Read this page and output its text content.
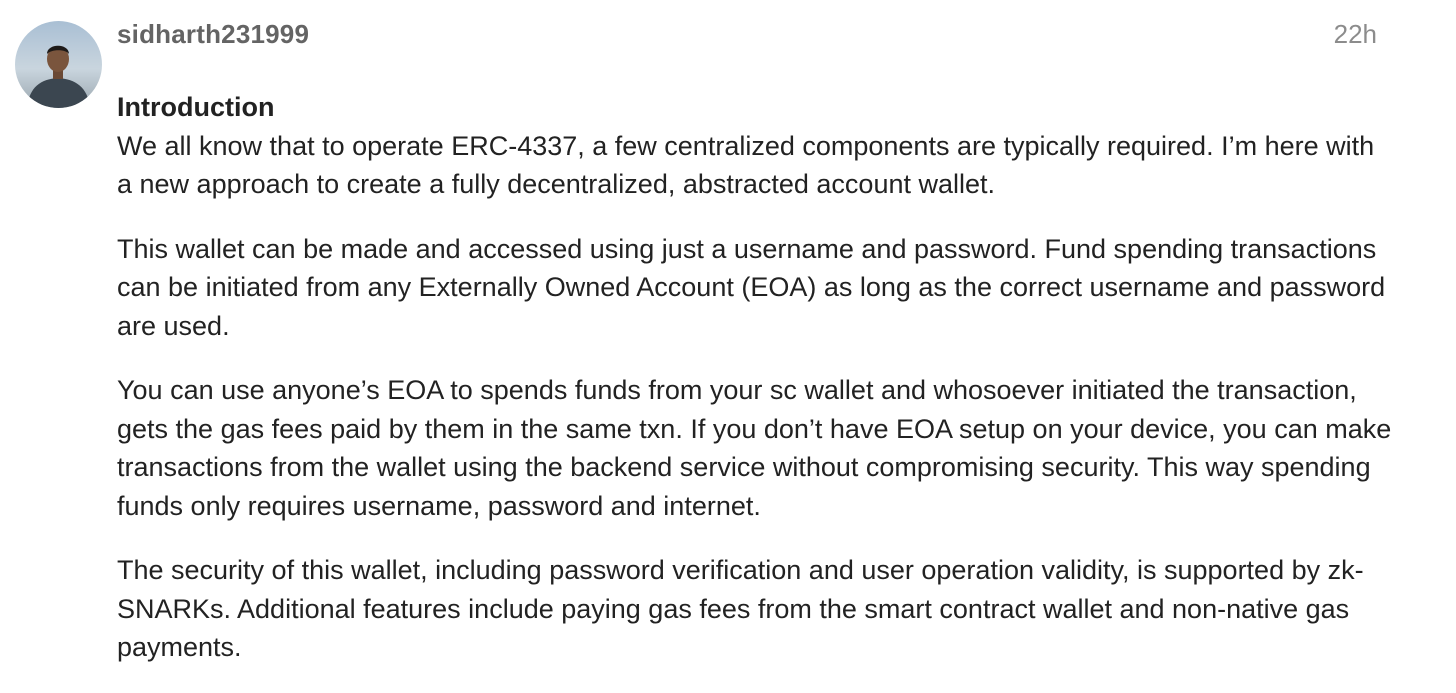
sidharth231999	22h

Introduction

We all know that to operate ERC-4337, a few centralized components are typically required. I’m here with a new approach to create a fully decentralized, abstracted account wallet.

This wallet can be made and accessed using just a username and password. Fund spending transactions can be initiated from any Externally Owned Account (EOA) as long as the correct username and password are used.

You can use anyone’s EOA to spends funds from your sc wallet and whosoever initiated the transaction, gets the gas fees paid by them in the same txn. If you don’t have EOA setup on your device, you can make transactions from the wallet using the backend service without compromising security. This way spending funds only requires username, password and internet.

The security of this wallet, including password verification and user operation validity, is supported by zk-SNARKs. Additional features include paying gas fees from the smart contract wallet and non-native gas payments.
